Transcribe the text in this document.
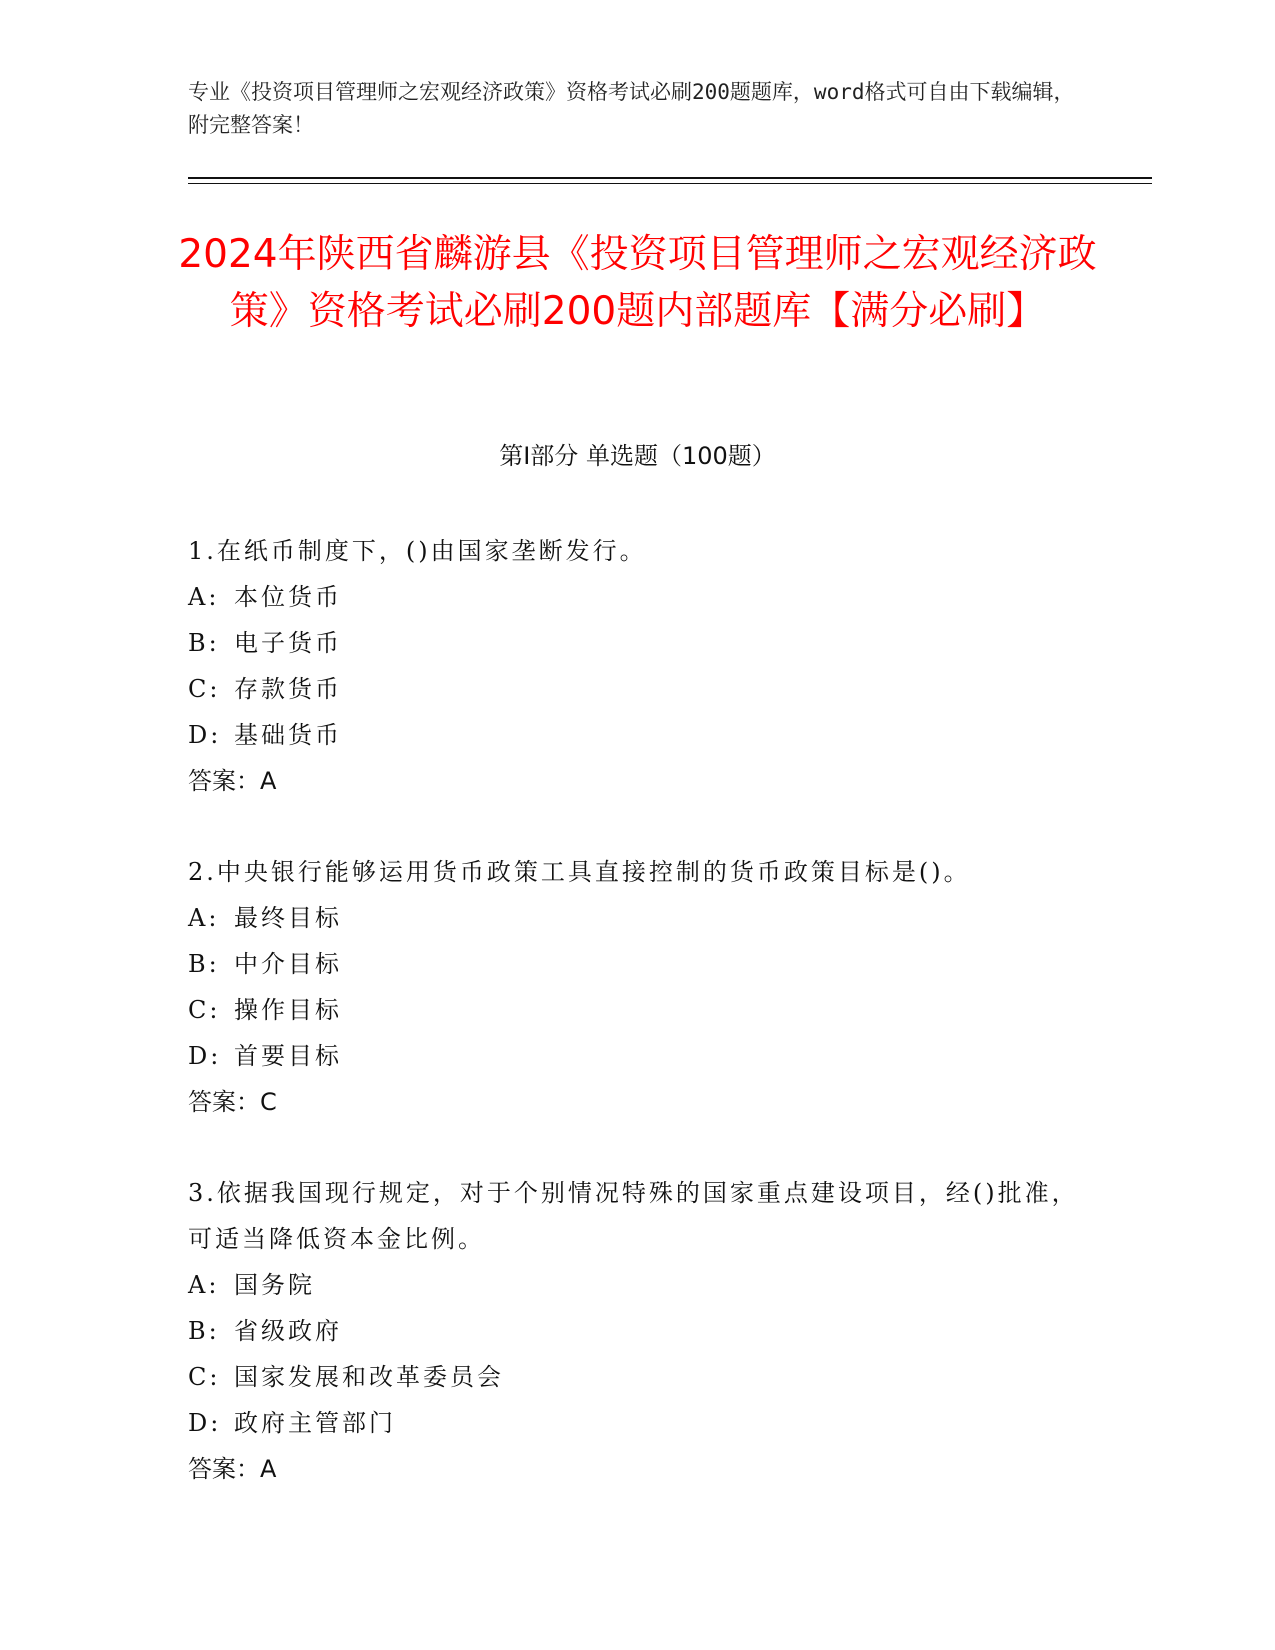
专业《投资项目管理师之宏观经济政策》资格考试必刷200题题库，word格式可自由下载编辑，附完整答案！
2024年陕西省麟游县《投资项目管理师之宏观经济政策》资格考试必刷200题内部题库【满分必刷】
第I部分 单选题（100题）
1.在纸币制度下，()由国家垄断发行。
A: 本位货币
B: 电子货币
C: 存款货币
D: 基础货币
答案：A
2.中央银行能够运用货币政策工具直接控制的货币政策目标是()。
A: 最终目标
B: 中介目标
C: 操作目标
D: 首要目标
答案：C
3.依据我国现行规定，对于个别情况特殊的国家重点建设项目，经()批准，可适当降低资本金比例。
A: 国务院
B: 省级政府
C: 国家发展和改革委员会
D: 政府主管部门
答案：A
